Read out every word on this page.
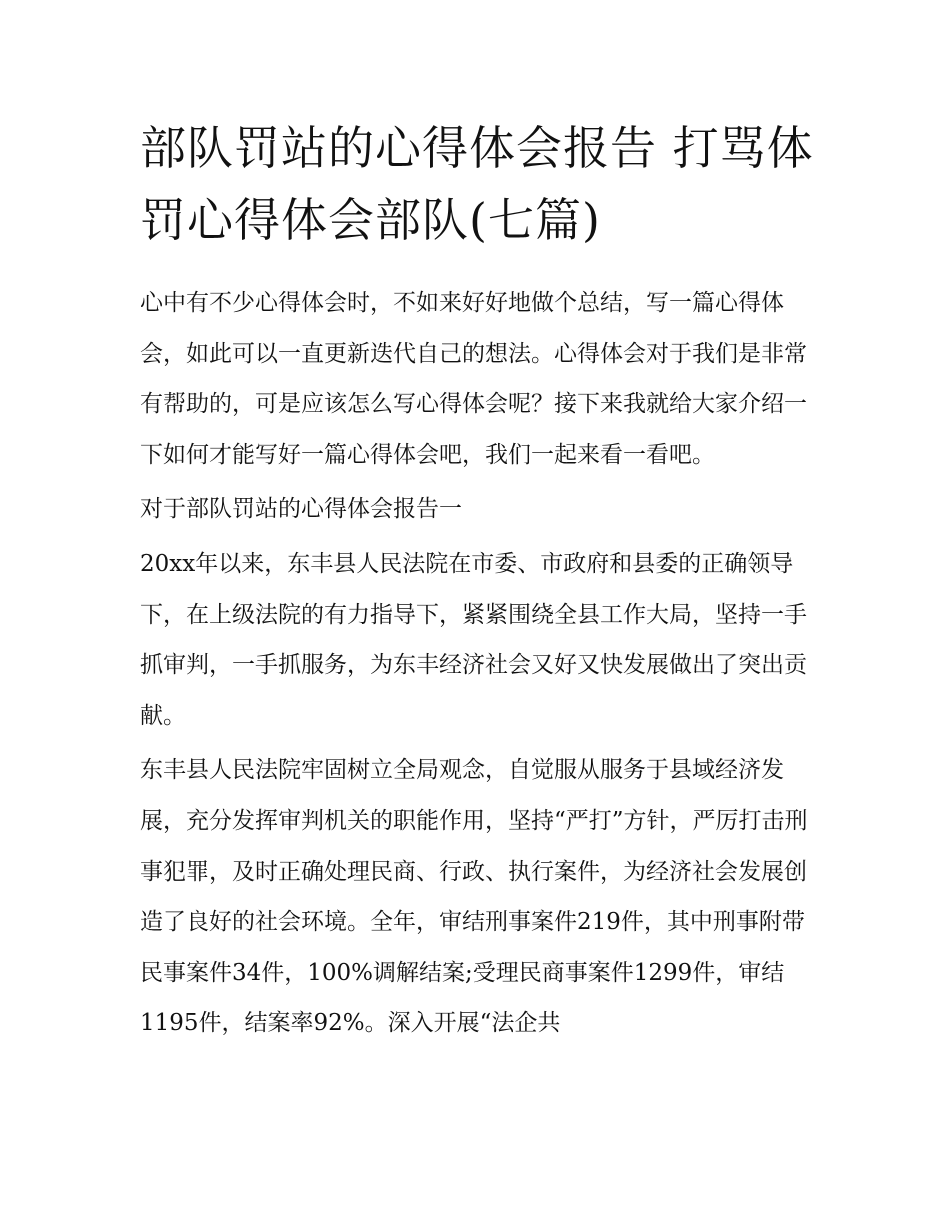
部队罚站的心得体会报告 打骂体罚心得体会部队(七篇)

心中有不少心得体会时，不如来好好地做个总结，写一篇心得体会，如此可以一直更新迭代自己的想法。心得体会对于我们是非常有帮助的，可是应该怎么写心得体会呢？接下来我就给大家介绍一下如何才能写好一篇心得体会吧，我们一起来看一看吧。

对于部队罚站的心得体会报告一

20xx年以来，东丰县人民法院在市委、市政府和县委的正确领导下，在上级法院的有力指导下，紧紧围绕全县工作大局，坚持一手抓审判，一手抓服务，为东丰经济社会又好又快发展做出了突出贡献。

东丰县人民法院牢固树立全局观念，自觉服从服务于县域经济发展，充分发挥审判机关的职能作用，坚持“严打”方针，严厉打击刑事犯罪，及时正确处理民商、行政、执行案件，为经济社会发展创造了良好的社会环境。全年，审结刑事案件219件，其中刑事附带民事案件34件，100%调解结案;受理民商事案件1299件，审结1195件，结案率92%。深入开展“法企共
